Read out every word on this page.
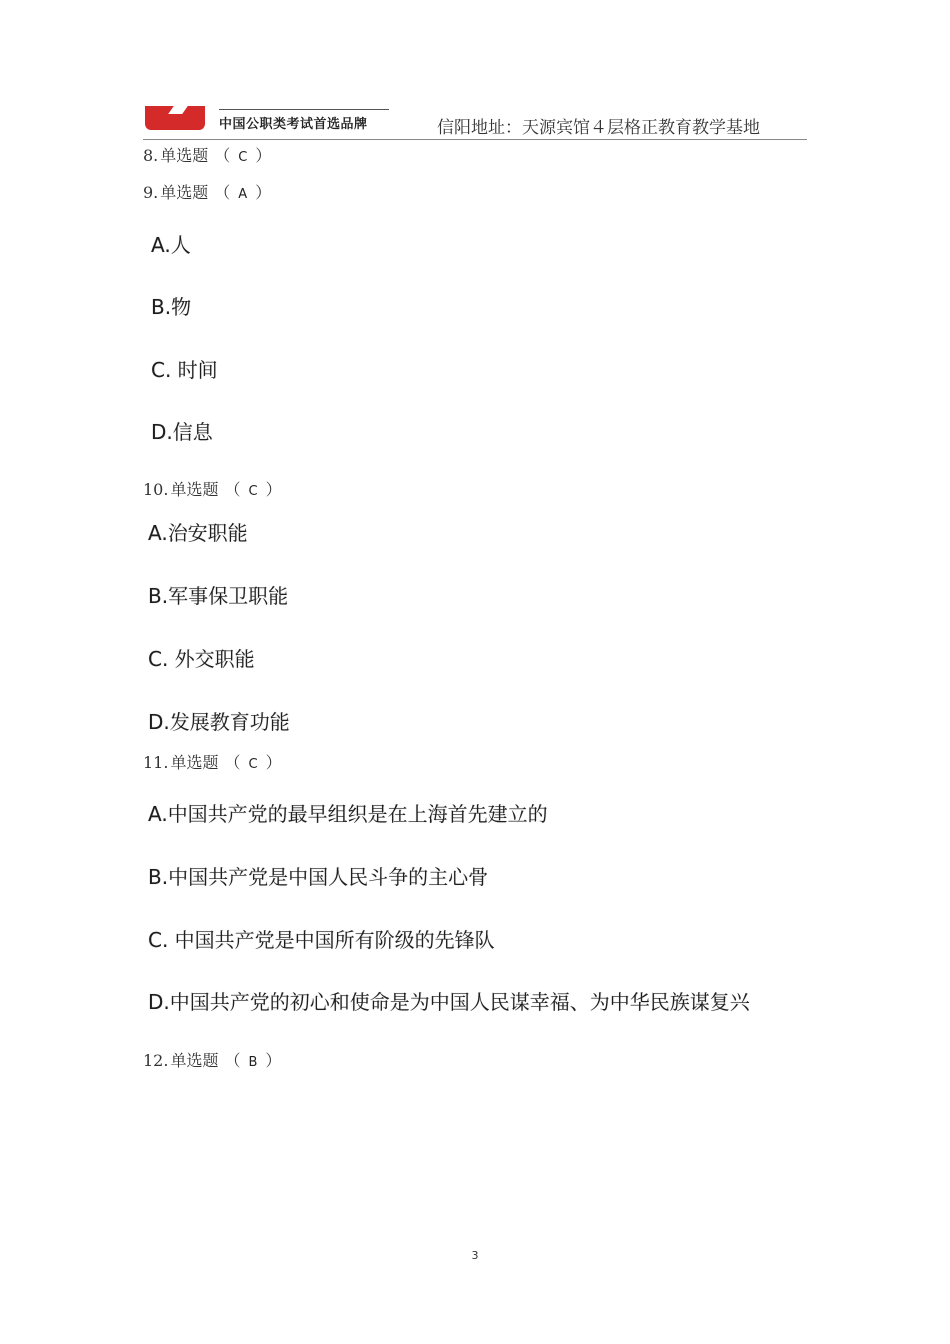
中国公职类考试首选品牌	信阳地址：天源宾馆４层格正教育教学基地
8. 单选题 （ C ）
9. 单选题 （ A ）
A.人
B.物
C. 时间
D.信息
10. 单选题 （ C ）
A.治安职能
B.军事保卫职能
C. 外交职能
D.发展教育功能
11. 单选题 （ C ）
A.中国共产党的最早组织是在上海首先建立的
B.中国共产党是中国人民斗争的主心骨
C. 中国共产党是中国所有阶级的先锋队
D.中国共产党的初心和使命是为中国人民谋幸福、为中华民族谋复兴
12. 单选题 （ B ）
3
